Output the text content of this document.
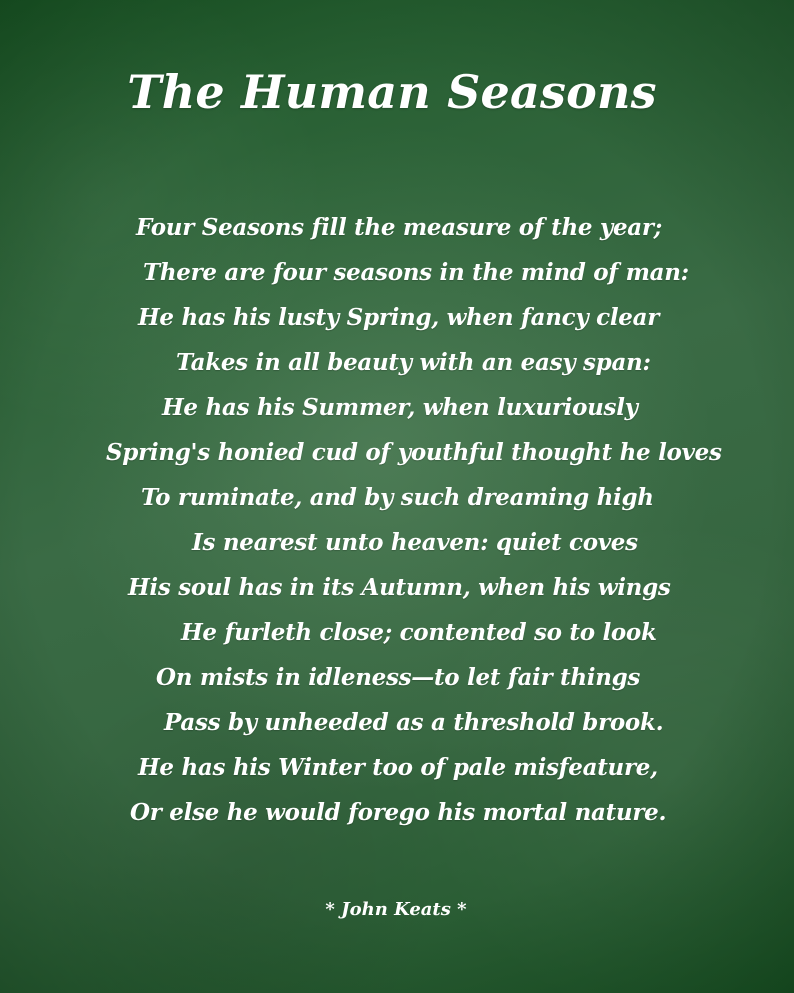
The Human Seasons
Four Seasons fill the measure of the year;
There are four seasons in the mind of man:
He has his lusty Spring, when fancy clear
Takes in all beauty with an easy span:
He has his Summer, when luxuriously
Spring's honied cud of youthful thought he loves
To ruminate, and by such dreaming high
Is nearest unto heaven: quiet coves
His soul has in its Autumn, when his wings
He furleth close; contented so to look
On mists in idleness—to let fair things
Pass by unheeded as a threshold brook.
He has his Winter too of pale misfeature,
Or else he would forego his mortal nature.

* John Keats *
